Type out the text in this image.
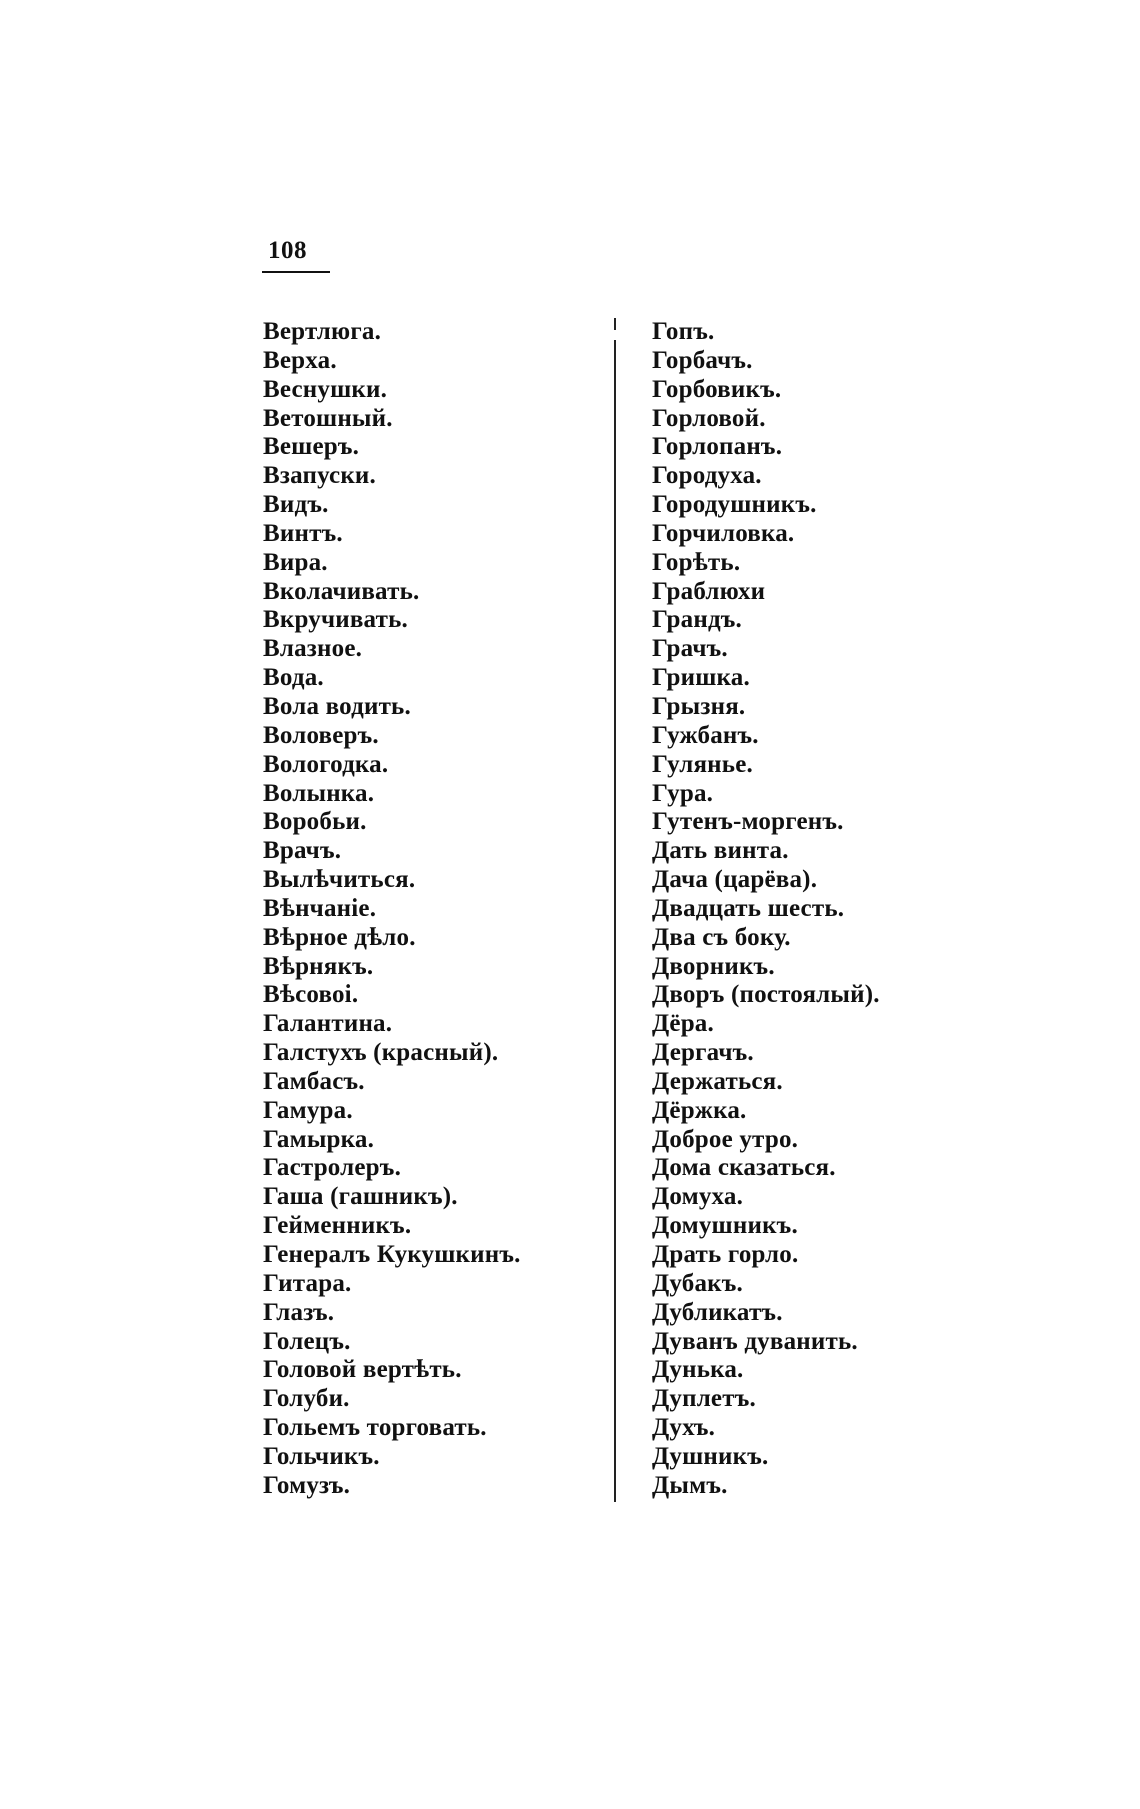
108
Вертлюга.
Верха.
Веснушки.
Ветошный.
Вешеръ.
Взапуски.
Видъ.
Винтъ.
Вира.
Вколачивать.
Вкручивать.
Влазное.
Вода.
Вола водить.
Воловеръ.
Вологодка.
Волынка.
Воробьи.
Врачъ.
Вылѣчиться.
Вѣнчаніе.
Вѣрное дѣло.
Вѣрнякъ.
Вѣсовоі.
Галантина.
Галстухъ (красный).
Гамбасъ.
Гамура.
Гамырка.
Гастролеръ.
Гаша (гашникъ).
Гейменникъ.
Генералъ Кукушкинъ.
Гитара.
Глазъ.
Голецъ.
Головой вертѣть.
Голуби.
Гольемъ торговать.
Гольчикъ.
Гомузъ.
Гопъ.
Горбачъ.
Горбовикъ.
Горловой.
Горлопанъ.
Городуха.
Городушникъ.
Горчиловка.
Горѣть.
Граблюхи
Грандъ.
Грачъ.
Гришка.
Грызня.
Гужбанъ.
Гулянье.
Гура.
Гутенъ-моргенъ.
Дать винта.
Дача (царёва).
Двадцать шесть.
Два съ боку.
Дворникъ.
Дворъ (постоялый).
Дёра.
Дергачъ.
Держаться.
Дёржка.
Доброе утро.
Дома сказаться.
Домуха.
Домушникъ.
Драть горло.
Дубакъ.
Дубликатъ.
Дуванъ дуванить.
Дунька.
Дуплетъ.
Духъ.
Душникъ.
Дымъ.
